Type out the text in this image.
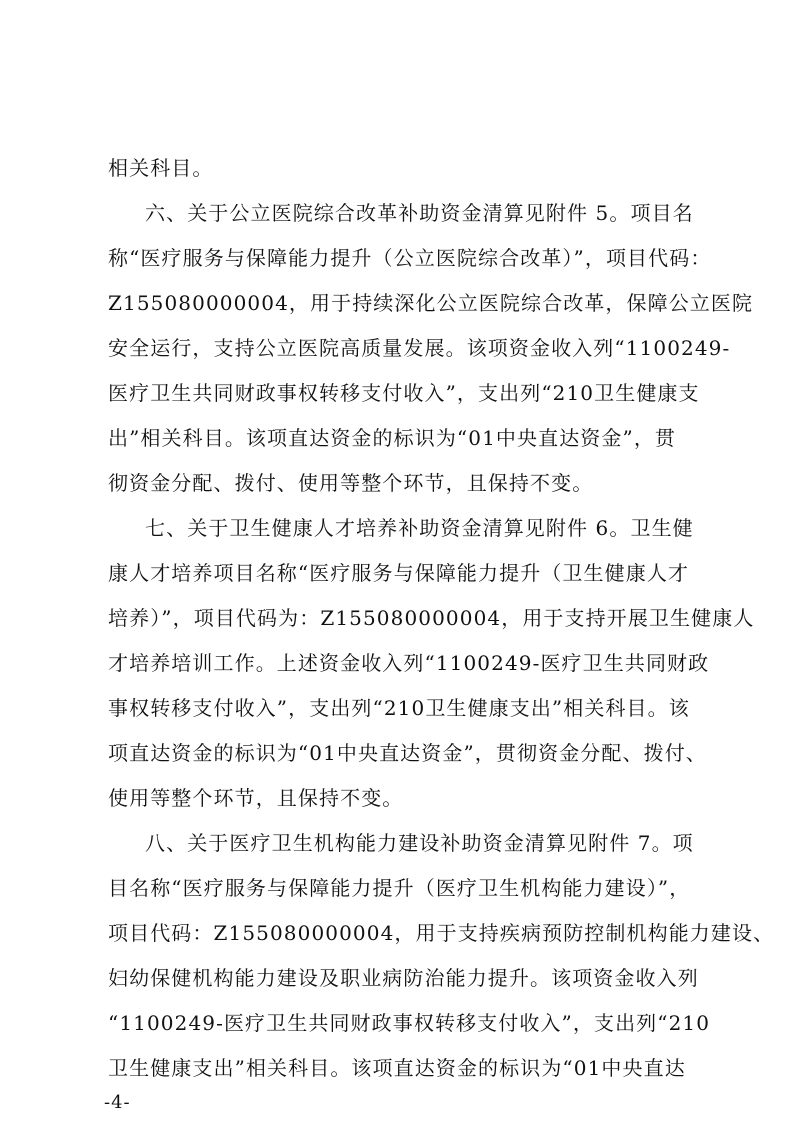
相关科目。
六、关于公立医院综合改革补助资金清算见附件 5。项目名
称“医疗服务与保障能力提升（公立医院综合改革）”，项目代码：
Z155080000004，用于持续深化公立医院综合改革，保障公立医院
安全运行，支持公立医院高质量发展。该项资金收入列“1100249-
医疗卫生共同财政事权转移支付收入”，支出列“210卫生健康支
出”相关科目。该项直达资金的标识为“01中央直达资金”，贯
彻资金分配、拨付、使用等整个环节，且保持不变。
七、关于卫生健康人才培养补助资金清算见附件 6。卫生健
康人才培养项目名称“医疗服务与保障能力提升（卫生健康人才
培养）”，项目代码为：Z155080000004，用于支持开展卫生健康人
才培养培训工作。上述资金收入列“1100249-医疗卫生共同财政
事权转移支付收入”，支出列“210卫生健康支出”相关科目。该
项直达资金的标识为“01中央直达资金”，贯彻资金分配、拨付、
使用等整个环节，且保持不变。
八、关于医疗卫生机构能力建设补助资金清算见附件 7。项
目名称“医疗服务与保障能力提升（医疗卫生机构能力建设）”，
项目代码：Z155080000004，用于支持疾病预防控制机构能力建设、
妇幼保健机构能力建设及职业病防治能力提升。该项资金收入列
“1100249-医疗卫生共同财政事权转移支付收入”，支出列“210
卫生健康支出”相关科目。该项直达资金的标识为“01中央直达
-4-
